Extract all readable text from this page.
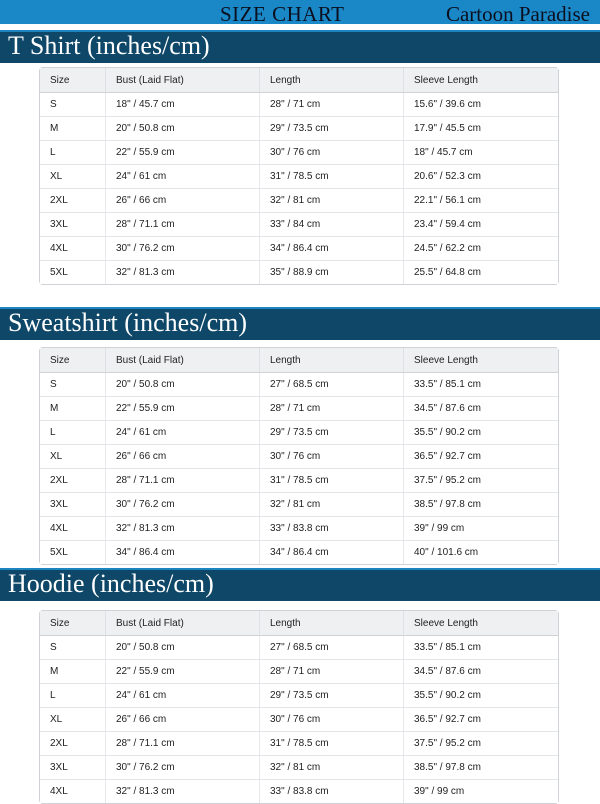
SIZE CHART	Cartoon Paradise
T Shirt (inches/cm)
Size	Bust (Laid Flat)	Length	Sleeve Length
S	18" / 45.7 cm	28" / 71 cm	15.6" / 39.6 cm
M	20" / 50.8 cm	29" / 73.5 cm	17.9" / 45.5 cm
L	22" / 55.9 cm	30" / 76 cm	18" / 45.7 cm
XL	24" / 61 cm	31" / 78.5 cm	20.6" / 52.3 cm
2XL	26" / 66 cm	32" / 81 cm	22.1" / 56.1 cm
3XL	28" / 71.1 cm	33" / 84 cm	23.4" / 59.4 cm
4XL	30" / 76.2 cm	34" / 86.4 cm	24.5" / 62.2 cm
5XL	32" / 81.3 cm	35" / 88.9 cm	25.5" / 64.8 cm
Sweatshirt (inches/cm)
Size	Bust (Laid Flat)	Length	Sleeve Length
S	20" / 50.8 cm	27" / 68.5 cm	33.5" / 85.1 cm
M	22" / 55.9 cm	28" / 71 cm	34.5" / 87.6 cm
L	24" / 61 cm	29" / 73.5 cm	35.5" / 90.2 cm
XL	26" / 66 cm	30" / 76 cm	36.5" / 92.7 cm
2XL	28" / 71.1 cm	31" / 78.5 cm	37.5" / 95.2 cm
3XL	30" / 76.2 cm	32" / 81 cm	38.5" / 97.8 cm
4XL	32" / 81.3 cm	33" / 83.8 cm	39" / 99 cm
5XL	34" / 86.4 cm	34" / 86.4 cm	40" / 101.6 cm
Hoodie (inches/cm)
Size	Bust (Laid Flat)	Length	Sleeve Length
S	20" / 50.8 cm	27" / 68.5 cm	33.5" / 85.1 cm
M	22" / 55.9 cm	28" / 71 cm	34.5" / 87.6 cm
L	24" / 61 cm	29" / 73.5 cm	35.5" / 90.2 cm
XL	26" / 66 cm	30" / 76 cm	36.5" / 92.7 cm
2XL	28" / 71.1 cm	31" / 78.5 cm	37.5" / 95.2 cm
3XL	30" / 76.2 cm	32" / 81 cm	38.5" / 97.8 cm
4XL	32" / 81.3 cm	33" / 83.8 cm	39" / 99 cm
